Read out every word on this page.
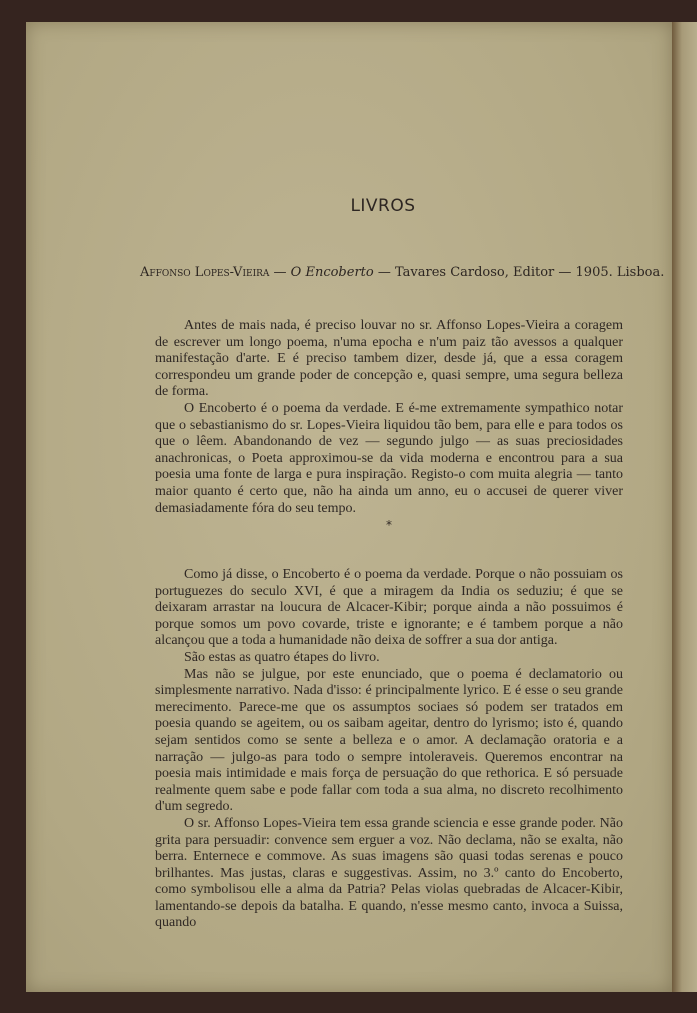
LIVROS
Affonso Lopes-Vieira — O Encoberto — Tavares Cardoso, Editor — 1905. Lisboa.

Antes de mais nada, é preciso louvar no sr. Affonso Lopes-Vieira a coragem de escrever um longo poema, n'uma epocha e n'um paiz tão avessos a qualquer manifestação d'arte. E é preciso tambem dizer, desde já, que a essa coragem correspondeu um grande poder de concepção e, quasi sempre, uma segura belleza de forma.

O Encoberto é o poema da verdade. E é-me extremamente sympathico notar que o sebastianismo do sr. Lopes-Vieira liquidou tão bem, para elle e para todos os que o lêem. Abandonando de vez — segundo julgo — as suas preciosidades anachronicas, o Poeta approximou-se da vida moderna e encontrou para a sua poesia uma fonte de larga e pura inspiração. Registo-o com muita alegria — tanto maior quanto é certo que, não ha ainda um anno, eu o accusei de querer viver demasiadamente fóra do seu tempo.

*

Como já disse, o Encoberto é o poema da verdade. Porque o não possuiam os portuguezes do seculo XVI, é que a miragem da India os seduziu; é que se deixaram arrastar na loucura de Alcacer-Kibir; porque ainda a não possuimos é porque somos um povo covarde, triste e ignorante; e é tambem porque a não alcançou que a toda a humanidade não deixa de soffrer a sua dor antiga.

São estas as quatro étapes do livro.

Mas não se julgue, por este enunciado, que o poema é declamatorio ou simplesmente narrativo. Nada d'isso: é principalmente lyrico. E é esse o seu grande merecimento. Parece-me que os assumptos sociaes só podem ser tratados em poesia quando se ageitem, ou os saibam ageitar, dentro do lyrismo; isto é, quando sejam sentidos como se sente a belleza e o amor. A declamação oratoria e a narração — julgo-as para todo o sempre intoleraveis. Queremos encontrar na poesia mais intimidade e mais força de persuação do que rethorica. E só persuade realmente quem sabe e pode fallar com toda a sua alma, no discreto recolhimento d'um segredo.

O sr. Affonso Lopes-Vieira tem essa grande sciencia e esse grande poder. Não grita para persuadir: convence sem erguer a voz. Não declama, não se exalta, não berra. Enternece e commove. As suas imagens são quasi todas serenas e pouco brilhantes. Mas justas, claras e suggestivas. Assim, no 3.º canto do Encoberto, como symbolisou elle a alma da Patria? Pelas violas quebradas de Alcacer-Kibir, lamentando-se depois da batalha. E quando, n'esse mesmo canto, invoca a Suissa, quando
